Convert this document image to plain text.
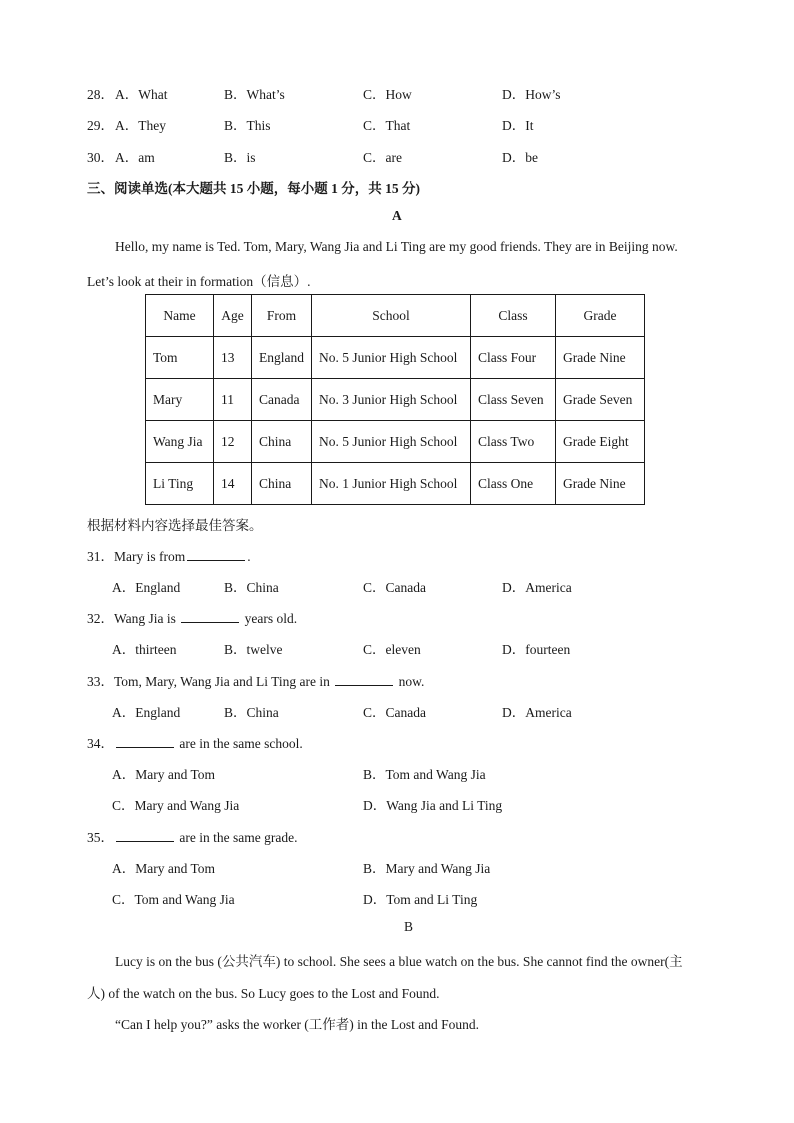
28． A．What	B．What’s	C．How	D．How’s
29． A．They	B．This	C．That	D．It
30． A．am	B．is	C．are	D．be
三、阅读单选(本大题共 15 小题，每小题 1 分，共 15 分)
A
Hello, my name is Ted. Tom, Mary, Wang Jia and Li Ting are my good friends. They are in Beijing now.
Let’s look at their in formation（信息）.
Name	Age	From	School	Class	Grade
Tom	13	England	No. 5 Junior High School	Class Four	Grade Nine
Mary	11	Canada	No. 3 Junior High School	Class Seven	Grade Seven
Wang Jia	12	China	No. 5 Junior High School	Class Two	Grade Eight
Li Ting	14	China	No. 1 Junior High School	Class One	Grade Nine
根据材料内容选择最佳答案。
31．Mary is from	.
A．England	B．China	C．Canada	D．America
32．Wang Jia is	years old.
A．thirteen	B．twelve	C．eleven	D．fourteen
33．Tom, Mary, Wang Jia and Li Ting are in	now.
A．England	B．China	C．Canada	D．America
34．	are in the same school.
A．Mary and Tom	B．Tom and Wang Jia
C．Mary and Wang Jia	D．Wang Jia and Li Ting
35．	are in the same grade.
A．Mary and Tom	B．Mary and Wang Jia
C．Tom and Wang Jia	D．Tom and Li Ting
B
Lucy is on the bus (公共汽车) to school. She sees a blue watch on the bus. She cannot find the owner(主
人) of the watch on the bus. So Lucy goes to the Lost and Found.
“Can I help you?” asks the worker (工作者) in the Lost and Found.
